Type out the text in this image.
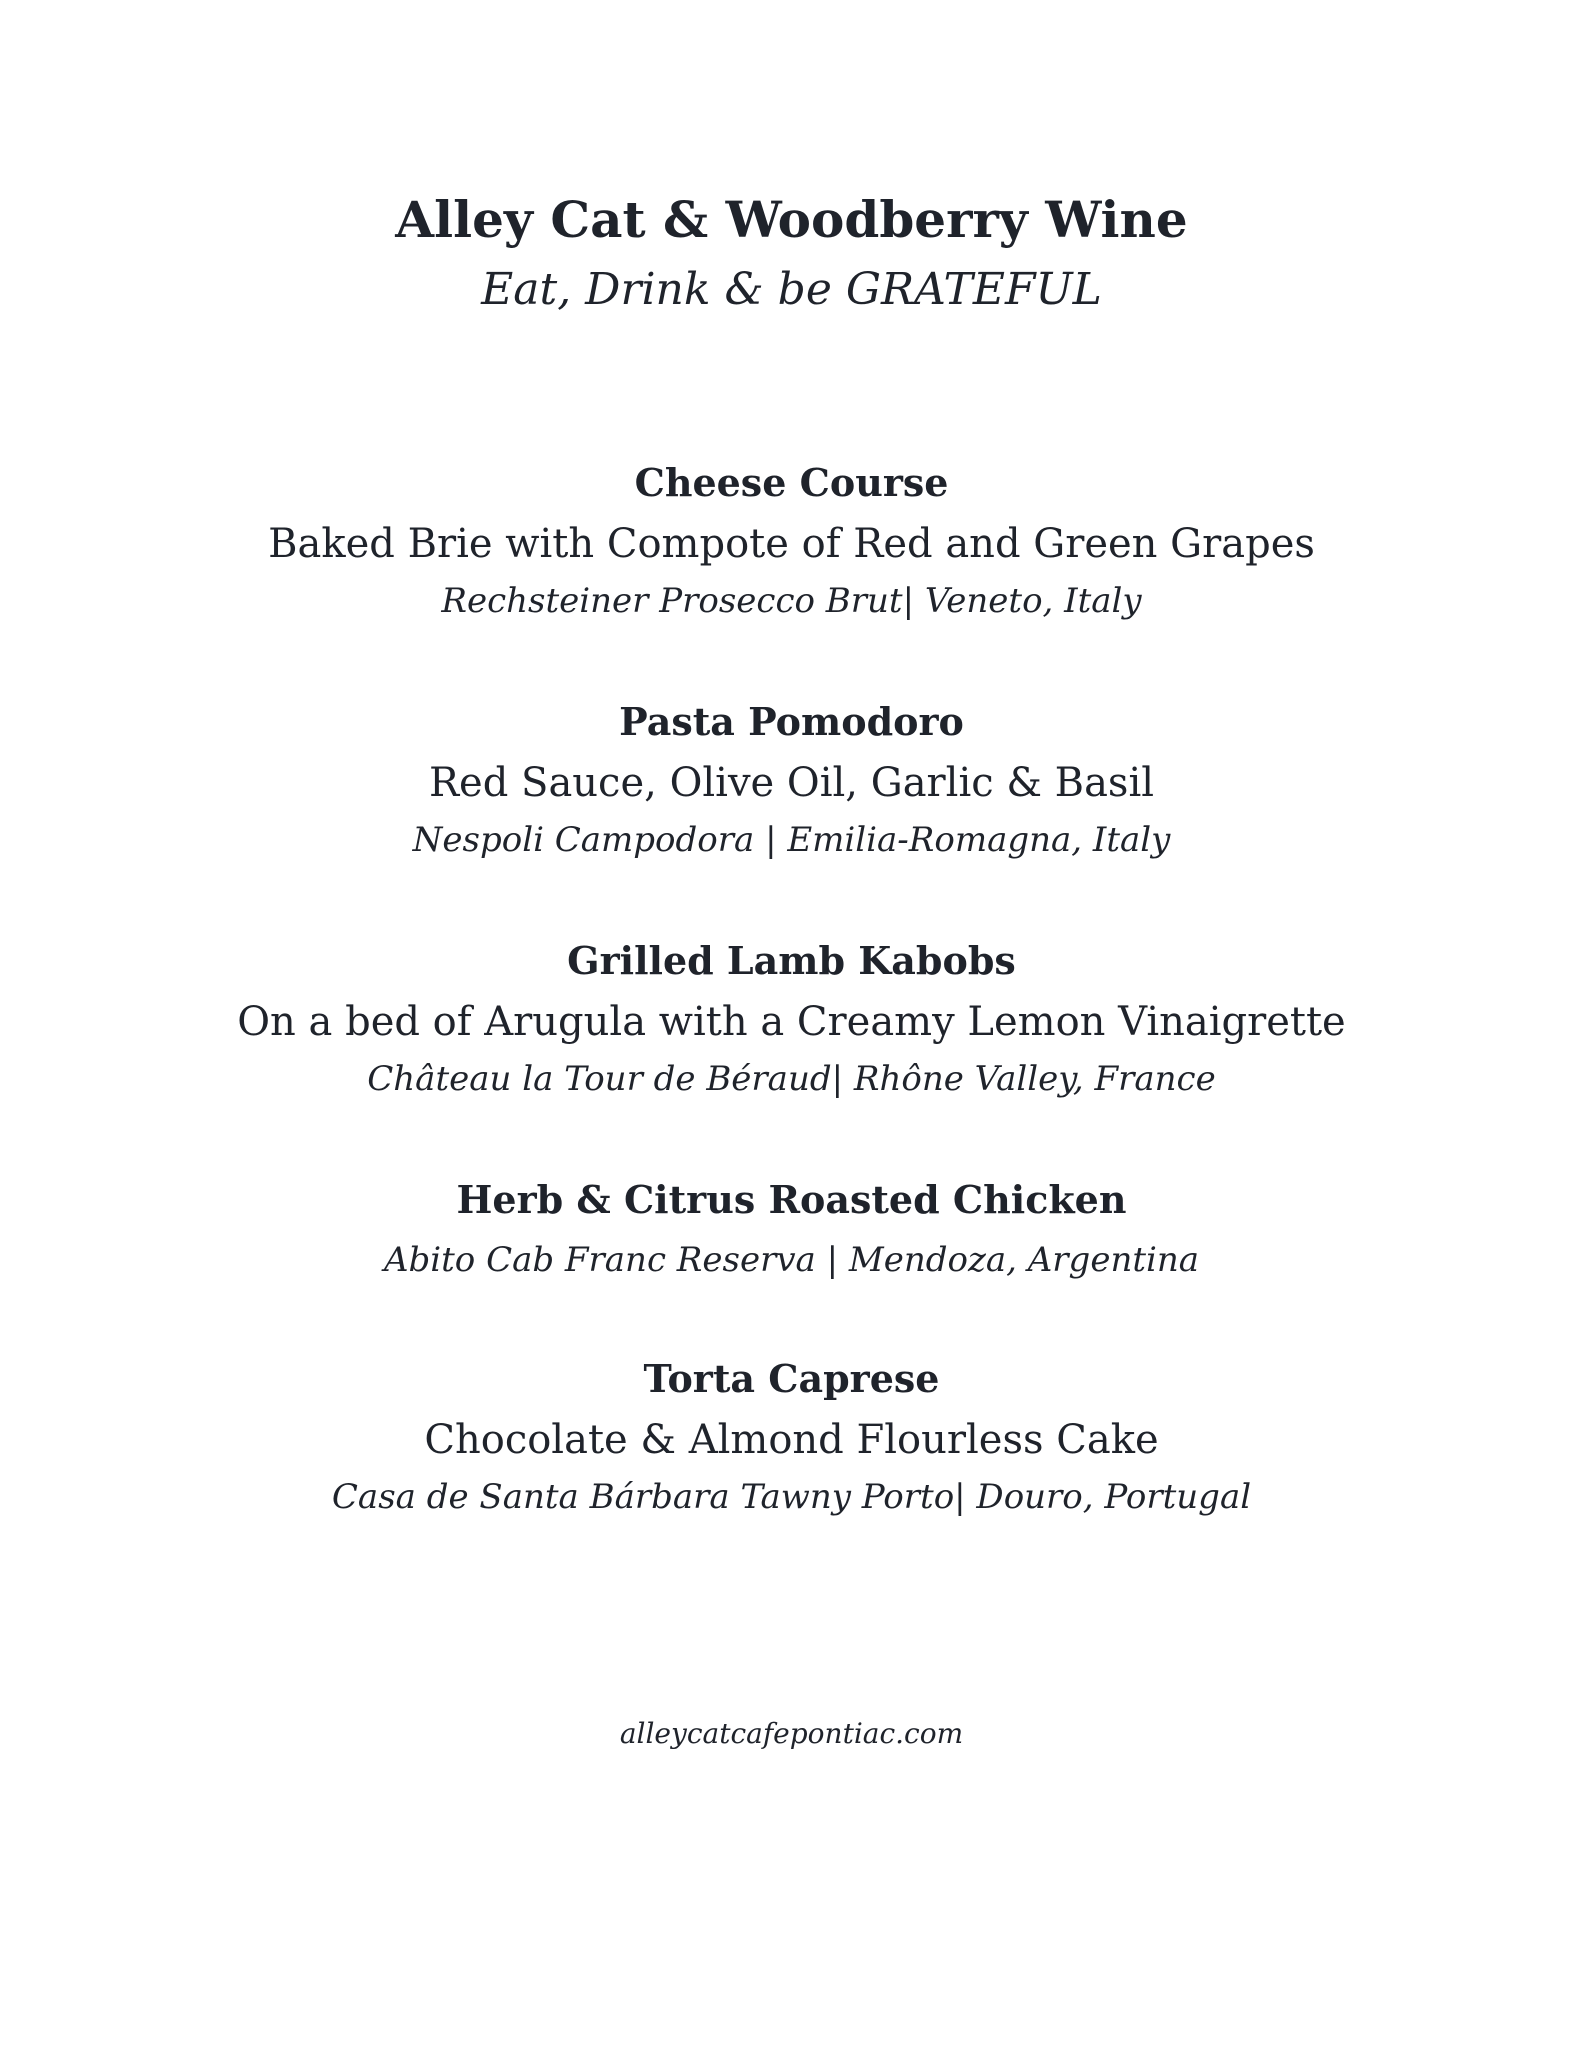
Alley Cat & Woodberry Wine
Eat, Drink & be GRATEFUL
Cheese Course
Baked Brie with Compote of Red and Green Grapes
Rechsteiner Prosecco Brut| Veneto, Italy
Pasta Pomodoro
Red Sauce, Olive Oil, Garlic & Basil
Nespoli Campodora | Emilia-Romagna, Italy
Grilled Lamb Kabobs
On a bed of Arugula with a Creamy Lemon Vinaigrette
Château la Tour de Béraud| Rhône Valley, France
Herb & Citrus Roasted Chicken
Abito Cab Franc Reserva | Mendoza, Argentina
Torta Caprese
Chocolate & Almond Flourless Cake
Casa de Santa Bárbara Tawny Porto| Douro, Portugal
alleycatcafepontiac.com
